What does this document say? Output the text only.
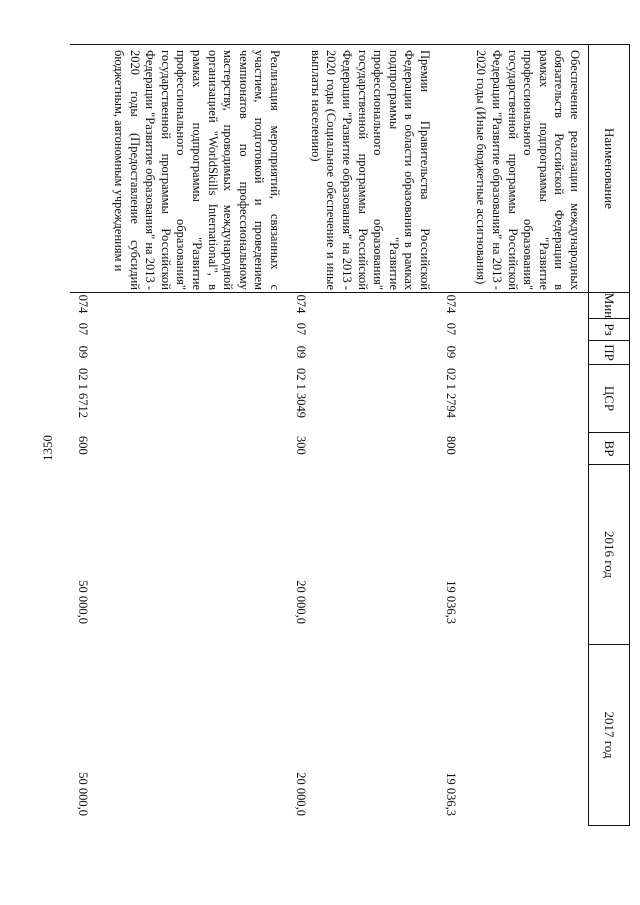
1350
Наименование
Мин
Рз
ПР
ЦСР
ВР
2016 год
2017 год
Обеспечение реализации международных обязательств Российской Федерации в рамках подпрограммы "Развитие профессионального образования" государственной программы Российской Федерации "Развитие образования" на 2013 - 2020 годы (Иные бюджетные ассигнования)
074
07
09
02 1 2794
800
19 036,3
19 036,3
Премии Правительства Российской Федерации в области образования в рамках подпрограммы "Развитие профессионального образования" государственной программы Российской Федерации "Развитие образования" на 2013 - 2020 годы (Социальное обеспечение и иные выплаты населению)
074
07
09
02 1 3049
300
20 000,0
20 000,0
Реализация мероприятий, связанных с участием, подготовкой и проведением чемпионатов по профессиональному мастерству, проводимых международной организацией "WorldSkills International", в рамках подпрограммы "Развитие профессионального образования" государственной программы Российской Федерации "Развитие образования" на 2013 - 2020 годы (Предоставление субсидий бюджетным, автономным учреждениям и
074
07
09
02 1 6712
600
50 000,0
50 000,0
